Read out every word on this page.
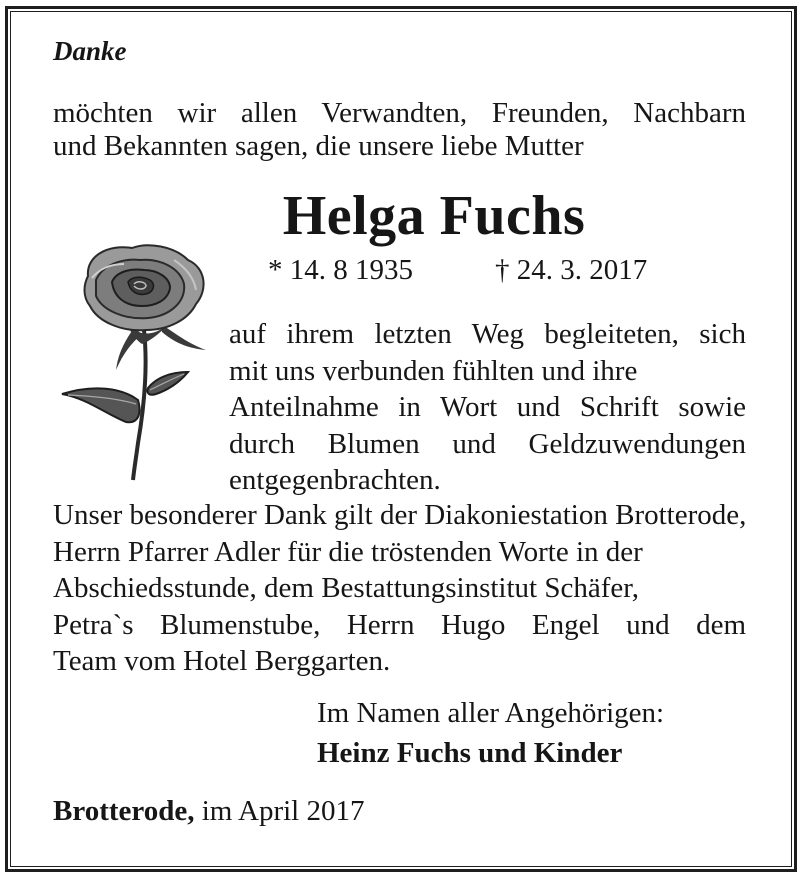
Danke

möchten wir allen Verwandten, Freunden, Nachbarn
und Bekannten sagen, die unsere liebe Mutter

Helga Fuchs

* 14. 8 1935	† 24. 3. 2017

auf ihrem letzten Weg begleiteten, sich
mit uns verbunden fühlten und ihre
Anteilnahme in Wort und Schrift sowie
durch Blumen und Geldzuwendungen
entgegenbrachten.
Unser besonderer Dank gilt der Diakoniestation Brotterode,
Herrn Pfarrer Adler für die tröstenden Worte in der
Abschiedsstunde, dem Bestattungsinstitut Schäfer,
Petra`s Blumenstube, Herrn Hugo Engel und dem
Team vom Hotel Berggarten.

Im Namen aller Angehörigen:

Heinz Fuchs und Kinder

Brotterode, im April 2017
